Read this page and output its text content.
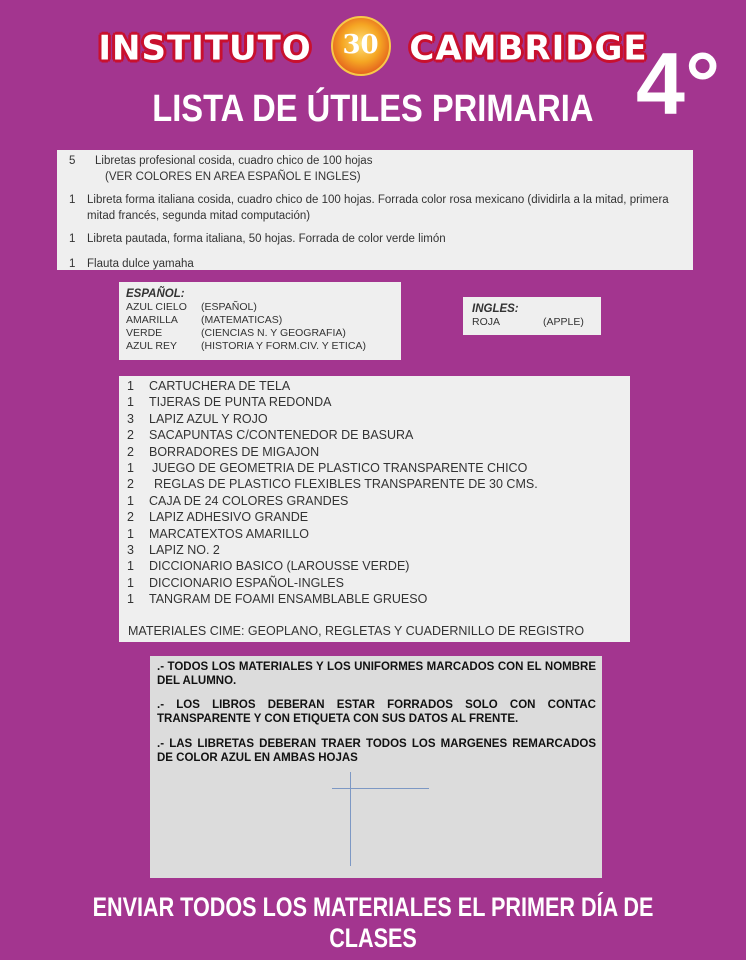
INSTITUTO 30 CAMBRIDGE
LISTA DE ÚTILES PRIMARIA 4°
5 Libretas profesional cosida, cuadro chico de 100 hojas
(VER COLORES EN AREA ESPAÑOL E INGLES)
1 Libreta forma italiana cosida, cuadro chico de 100 hojas. Forrada color rosa mexicano (dividirla a la mitad, primera mitad francés, segunda mitad computación)
1 Libreta pautada, forma italiana, 50 hojas. Forrada de color verde limón
1 Flauta dulce yamaha
ESPAÑOL:
AZUL CIELO (ESPAÑOL)
AMARILLA (MATEMATICAS)
VERDE	(CIENCIAS N. Y GEOGRAFIA)
AZUL REY (HISTORIA Y FORM.CIV. Y ETICA)
INGLES:
ROJA	(APPLE)
1 CARTUCHERA DE TELA
1 TIJERAS DE PUNTA REDONDA
3 LAPIZ AZUL Y ROJO
2 SACAPUNTAS C/CONTENEDOR DE BASURA
2 BORRADORES DE MIGAJON
1 JUEGO DE GEOMETRIA DE PLASTICO TRANSPARENTE CHICO
2 REGLAS DE PLASTICO FLEXIBLES TRANSPARENTE DE 30 CMS.
1 CAJA DE 24 COLORES GRANDES
2 LAPIZ ADHESIVO GRANDE
1 MARCATEXTOS AMARILLO
3 LAPIZ NO. 2
1 DICCIONARIO BASICO (LAROUSSE VERDE)
1 DICCIONARIO ESPAÑOL-INGLES
1 TANGRAM DE FOAMI ENSAMBLABLE GRUESO
MATERIALES CIME: GEOPLANO, REGLETAS Y CUADERNILLO DE REGISTRO
.- TODOS LOS MATERIALES Y LOS UNIFORMES MARCADOS CON EL NOMBRE DEL ALUMNO.
.- LOS LIBROS DEBERAN ESTAR FORRADOS SOLO CON CONTAC TRANSPARENTE Y CON ETIQUETA CON SUS DATOS AL FRENTE.
.- LAS LIBRETAS DEBERAN TRAER TODOS LOS MARGENES REMARCADOS DE COLOR AZUL EN AMBAS HOJAS
ENVIAR TODOS LOS MATERIALES EL PRIMER DÍA DE CLASES
